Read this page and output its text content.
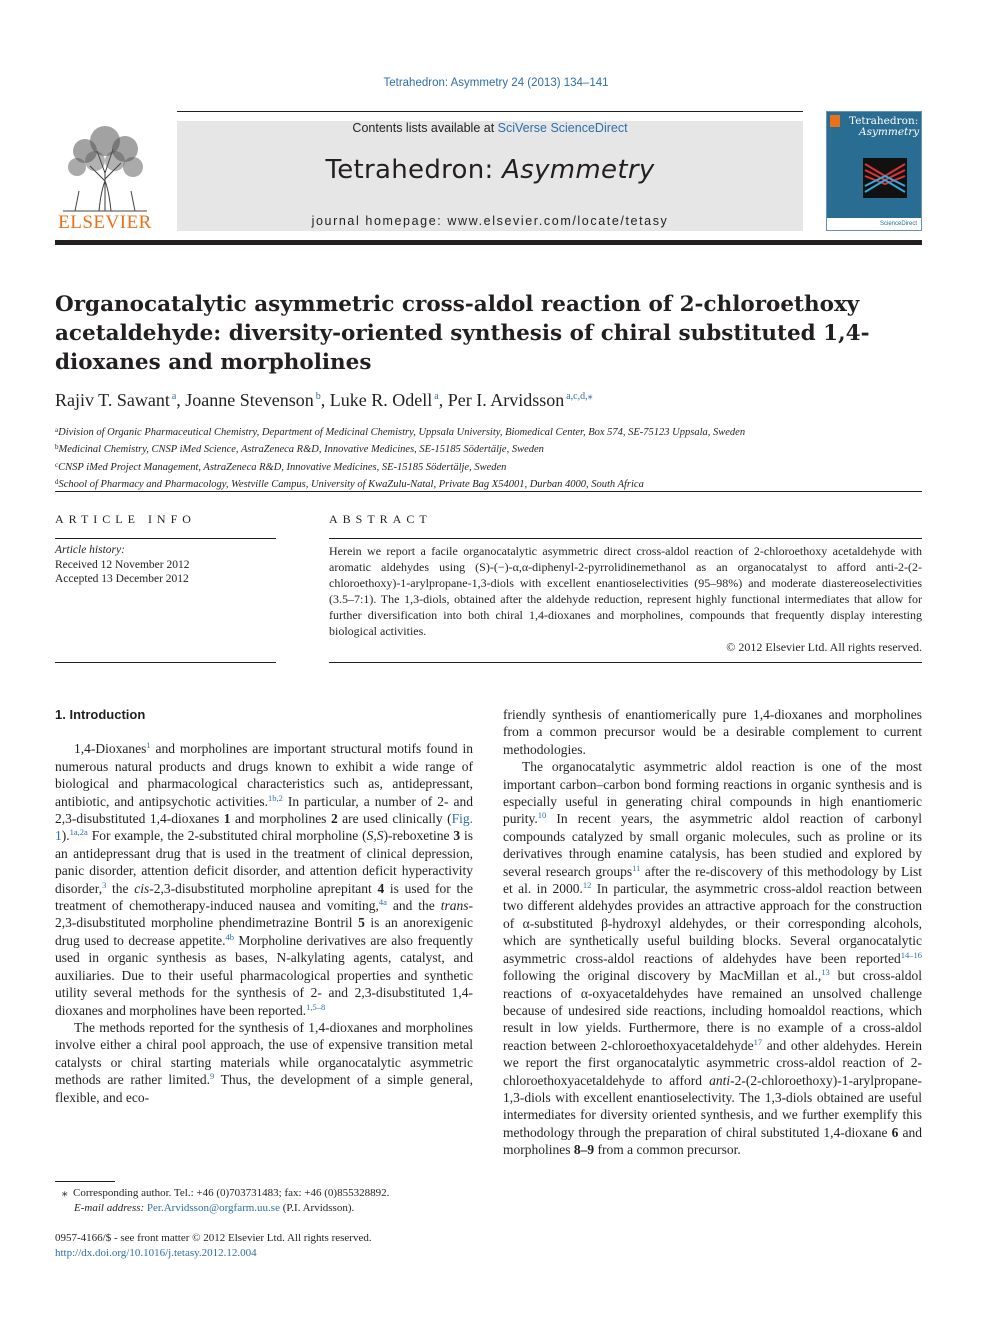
Tetrahedron: Asymmetry 24 (2013) 134–141
ELSEVIER
Contents lists available at SciVerse ScienceDirect
Tetrahedron: Asymmetry
journal homepage: www.elsevier.com/locate/tetasy
Tetrahedron:
Asymmetry
ScienceDirect
Organocatalytic asymmetric cross-aldol reaction of 2-chloroethoxy acetaldehyde: diversity-oriented synthesis of chiral substituted 1,4-dioxanes and morpholines
Rajiv T. Sawant $^a$, Joanne Stevenson $^b$, Luke R. Odell $^a$, Per I. Arvidsson $^{a,c,d,⁎}$
$^a$Division of Organic Pharmaceutical Chemistry, Department of Medicinal Chemistry, Uppsala University, Biomedical Center, Box 574, SE-75123 Uppsala, Sweden
$^b$Medicinal Chemistry, CNSP iMed Science, AstraZeneca R&D, Innovative Medicines, SE-15185 Södertälje, Sweden
$^c$CNSP iMed Project Management, AstraZeneca R&D, Innovative Medicines, SE-15185 Södertälje, Sweden
$^d$School of Pharmacy and Pharmacology, Westville Campus, University of KwaZulu-Natal, Private Bag X54001, Durban 4000, South Africa
ARTICLE INFO
Article history:
Received 12 November 2012
Accepted 13 December 2012
ABSTRACT
Herein we report a facile organocatalytic asymmetric direct cross-aldol reaction of 2-chloroethoxy acetaldehyde with aromatic aldehydes using (S)-(−)-α,α-diphenyl-2-pyrrolidinemethanol as an organocatalyst to afford anti-2-(2-chloroethoxy)-1-arylpropane-1,3-diols with excellent enantioselectivities (95–98%) and moderate diastereoselectivities (3.5–7:1). The 1,3-diols, obtained after the aldehyde reduction, represent highly functional intermediates that allow for further diversification into both chiral 1,4-dioxanes and morpholines, compounds that frequently display interesting biological activities.
© 2012 Elsevier Ltd. All rights reserved.
1. Introduction

1,4-Dioxanes$^1$ and morpholines are important structural motifs found in numerous natural products and drugs known to exhibit a wide range of biological and pharmacological characteristics such as, antidepressant, antibiotic, and antipsychotic activities.$^{1b,2}$ In particular, a number of 2- and 2,3-disubstituted 1,4-dioxanes 1 and morpholines 2 are used clinically (Fig. 1).$^{1a,2a}$ For example, the 2-substituted chiral morpholine (S,S)-reboxetine 3 is an antidepressant drug that is used in the treatment of clinical depression, panic disorder, attention deficit disorder, and attention deficit hyperactivity disorder,$^3$ the cis-2,3-disubstituted morpholine aprepitant 4 is used for the treatment of chemotherapy-induced nausea and vomiting,$^{4a}$ and the trans-2,3-disubstituted morpholine phendimetrazine Bontril 5 is an anorexigenic drug used to decrease appetite.$^{4b}$ Morpholine derivatives are also frequently used in organic synthesis as bases, N-alkylating agents, catalyst, and auxiliaries. Due to their useful pharmacological properties and synthetic utility several methods for the synthesis of 2- and 2,3-disubstituted 1,4-dioxanes and morpholines have been reported.$^{1,5-8}$

The methods reported for the synthesis of 1,4-dioxanes and morpholines involve either a chiral pool approach, the use of expensive transition metal catalysts or chiral starting materials while organocatalytic asymmetric methods are rather limited.$^9$ Thus, the development of a simple general, flexible, and eco-

friendly synthesis of enantiomerically pure 1,4-dioxanes and morpholines from a common precursor would be a desirable complement to current methodologies.

The organocatalytic asymmetric aldol reaction is one of the most important carbon–carbon bond forming reactions in organic synthesis and is especially useful in generating chiral compounds in high enantiomeric purity.$^{10}$ In recent years, the asymmetric aldol reaction of carbonyl compounds catalyzed by small organic molecules, such as proline or its derivatives through enamine catalysis, has been studied and explored by several research groups$^{11}$ after the re-discovery of this methodology by List et al. in 2000.12 In particular, the asymmetric cross-aldol reaction between two different aldehydes provides an attractive approach for the construction of α-substituted β-hydroxyl aldehydes, or their corresponding alcohols, which are synthetically useful building blocks. Several organocatalytic asymmetric cross-aldol reactions of aldehydes have been reported$^{14-16}$ following the original discovery by MacMillan et al.,$^{13}$ but cross-aldol reactions of α-oxyacetaldehydes have remained an unsolved challenge because of undesired side reactions, including homoaldol reactions, which result in low yields. Furthermore, there is no example of a cross-aldol reaction between 2-chloroethoxyacetaldehyde$^{17}$ and other aldehydes. Herein we report the first organocatalytic asymmetric cross-aldol reaction of 2-chloroethoxyacetaldehyde to afford anti-2-(2-chloroethoxy)-1-arylpropane-1,3-diols with excellent enantioselectivity. The 1,3-diols obtained are useful intermediates for diversity oriented synthesis, and we further exemplify this methodology through the preparation of chiral substituted 1,4-dioxane 6 and morpholines 8–9 from a common precursor.

⁎ Corresponding author. Tel.: +46 (0)703731483; fax: +46 (0)855328892.
E-mail address: Per.Arvidsson@orgfarm.uu.se (P.I. Arvidsson).
0957-4166/$ - see front matter © 2012 Elsevier Ltd. All rights reserved.
http://dx.doi.org/10.1016/j.tetasy.2012.12.004
